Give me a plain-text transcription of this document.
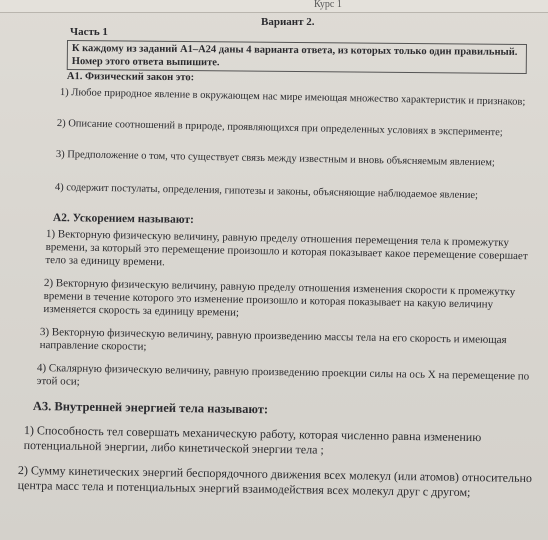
Курс 1
Вариант 2.
Часть 1
К каждому из заданий А1–А24 даны 4 варианта ответа, из которых только один правильный. Номер этого ответа выпишите.
А1. Физический закон это:
1) Любое природное явление в окружающем нас мире имеющая множество характеристик и признаков;
2) Описание соотношений в природе, проявляющихся при определенных условиях в эксперименте;
3) Предположение о том, что существует связь между известным и вновь объясняемым явлением;
4) содержит постулаты, определения, гипотезы и законы, объясняющие наблюдаемое явление;
А2. Ускорением называют:
1) Векторную физическую величину, равную пределу отношения перемещения тела к промежутку времени, за который это перемещение произошло и которая показывает какое перемещение совершает тело за единицу времени.
2) Векторную физическую величину, равную пределу отношения изменения скорости к промежутку времени в течение которого это изменение произошло и которая показывает на какую величину изменяется скорость за единицу времени;
3) Векторную физическую величину, равную произведению массы тела на его скорость и имеющая направление скорости;
4) Скалярную физическую величину, равную произведению проекции силы на ось X на перемещение по этой оси;
А3. Внутренней энергией тела называют:
1) Способность тел совершать механическую работу, которая численно равна изменению потенциальной энергии, либо кинетической энергии тела ;
2) Сумму кинетических энергий беспорядочного движения всех молекул (или атомов) относительно центра масс тела и потенциальных энергий взаимодействия всех молекул друг с другом;
